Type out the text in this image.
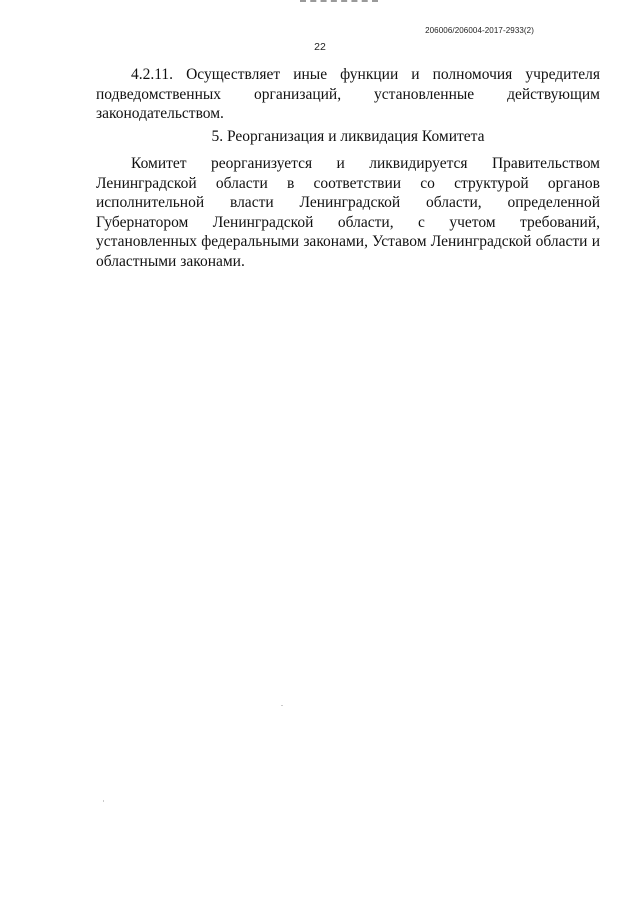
206006/206004-2017-2933(2)
22

4.2.11. Осуществляет иные функции и полномочия учредителя подведомственных организаций, установленные действующим законодательством.

5. Реорганизация и ликвидация Комитета

Комитет реорганизуется и ликвидируется Правительством Ленинградской области в соответствии со структурой органов исполнительной власти Ленинградской области, определенной Губернатором Ленинградской области, с учетом требований, установленных федеральными законами, Уставом Ленинградской области и областными законами.
